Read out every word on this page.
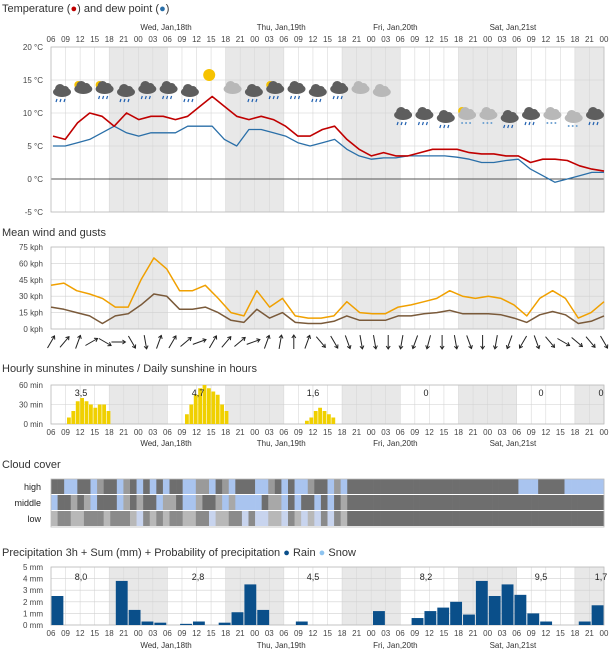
Temperature (●) and dew point (●)
20 °C
15 °C
10 °C
5 °C
0 °C
-5 °C
06 09 12 15 18 21 00 03 06 09 12 15 18 21 00 03 06 09 12 15 18 21 00 03 06 09 12 15 18 21 00 03 06 09 12 15 18 21 00
Wed, Jan,18th	Thu, Jan,19th	Fri, Jan,20th	Sat, Jan,21st
Mean wind and gusts
75 kph
60 kph
45 kph
30 kph
15 kph
0 kph
Hourly sunshine in minutes / Daily sunshine in hours
60 min
30 min
0 min
3,5	4,7	1,6	0	0	0
06 09 12 15 18 21 00 03 06 09 12 15 18 21 00 03 06 09 12 15 18 21 00 03 06 09 12 15 18 21 00 03 06 09 12 15 18 21 00
Wed, Jan,18th	Thu, Jan,19th	Fri, Jan,20th	Sat, Jan,21st
Cloud cover
high
middle
low
Precipitation 3h + Sum (mm) + Probability of precipitation ● Rain ● Snow
5 mm
4 mm
3 mm
2 mm
1 mm
0 mm
8,0	2,8	4,5	8,2	9,5	1,7
06 09 12 15 18 21 00 03 06 09 12 15 18 21 00 03 06 09 12 15 18 21 00 03 06 09 12 15 18 21 00 03 06 09 12 15 18 21 00
Wed, Jan,18th	Thu, Jan,19th	Fri, Jan,20th	Sat, Jan,21st
